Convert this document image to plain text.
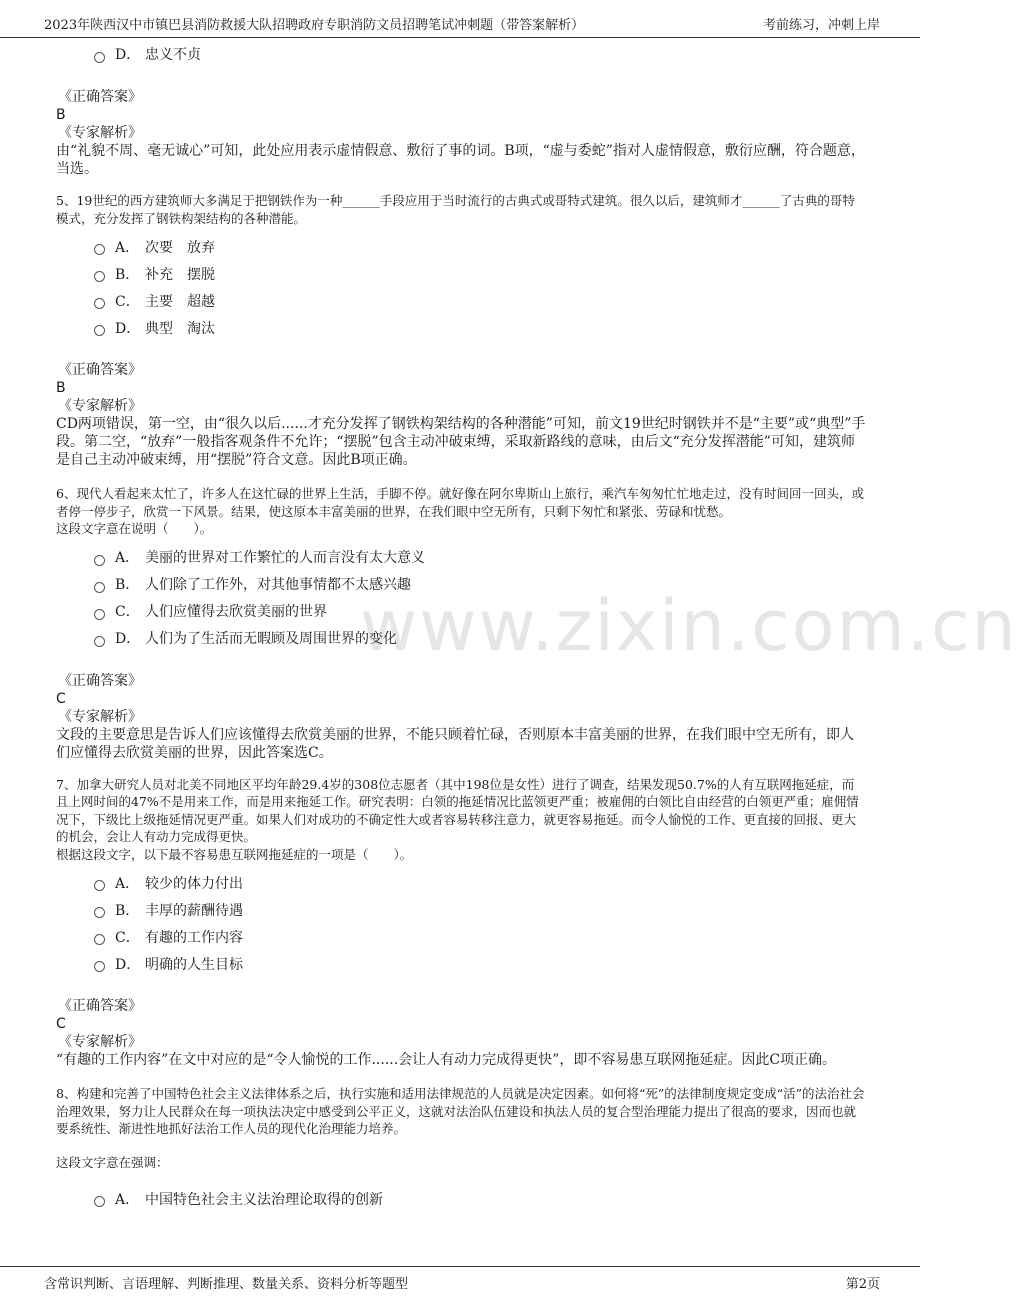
2023年陕西汉中市镇巴县消防救援大队招聘政府专职消防文员招聘笔试冲刺题（带答案解析）	考前练习，冲刺上岸
www.zixin.com.cn
D． 忠义不贞
《正确答案》
B
《专家解析》
由“礼貌不周、毫无诚心”可知，此处应用表示虚情假意、敷衍了事的词。B项，“虚与委蛇”指对人虚情假意，敷衍应酬，符合题意，当选。
5、19世纪的西方建筑师大多满足于把钢铁作为一种______手段应用于当时流行的古典式或哥特式建筑。很久以后，建筑师才______了古典的哥特模式，充分发挥了钢铁构架结构的各种潜能。
A． 次要　放弃
B． 补充　摆脱
C． 主要　超越
D． 典型　淘汰
《正确答案》
B
《专家解析》
CD两项错误，第一空，由“很久以后......才充分发挥了钢铁构架结构的各种潜能”可知，前文19世纪时钢铁并不是“主要”或“典型”手段。第二空，“放弃”一般指客观条件不允许；“摆脱”包含主动冲破束缚，采取新路线的意味，由后文“充分发挥潜能”可知，建筑师是自己主动冲破束缚，用“摆脱”符合文意。因此B项正确。
6、现代人看起来太忙了，许多人在这忙碌的世界上生活，手脚不停。就好像在阿尔卑斯山上旅行，乘汽车匆匆忙忙地走过，没有时间回一回头，或者停一停步子，欣赏一下风景。结果，使这原本丰富美丽的世界，在我们眼中空无所有，只剩下匆忙和紧张、劳碌和忧愁。
这段文字意在说明（　　）。
A． 美丽的世界对工作繁忙的人而言没有太大意义
B． 人们除了工作外，对其他事情都不太感兴趣
C． 人们应懂得去欣赏美丽的世界
D． 人们为了生活而无暇顾及周围世界的变化
《正确答案》
C
《专家解析》
文段的主要意思是告诉人们应该懂得去欣赏美丽的世界，不能只顾着忙碌，否则原本丰富美丽的世界，在我们眼中空无所有，即人们应懂得去欣赏美丽的世界，因此答案选C。
7、加拿大研究人员对北美不同地区平均年龄29.4岁的308位志愿者（其中198位是女性）进行了调查，结果发现50.7%的人有互联网拖延症，而且上网时间的47%不是用来工作，而是用来拖延工作。研究表明：白领的拖延情况比蓝领更严重；被雇佣的白领比自由经营的白领更严重；雇佣情况下，下级比上级拖延情况更严重。如果人们对成功的不确定性大或者容易转移注意力，就更容易拖延。而令人愉悦的工作、更直接的回报、更大的机会，会让人有动力完成得更快。
根据这段文字，以下最不容易患互联网拖延症的一项是（　　）。
A． 较少的体力付出
B． 丰厚的薪酬待遇
C． 有趣的工作内容
D． 明确的人生目标
《正确答案》
C
《专家解析》
“有趣的工作内容”在文中对应的是“令人愉悦的工作......会让人有动力完成得更快”，即不容易患互联网拖延症。因此C项正确。
8、构建和完善了中国特色社会主义法律体系之后，执行实施和适用法律规范的人员就是决定因素。如何将“死”的法律制度规定变成“活”的法治社会治理效果，努力让人民群众在每一项执法决定中感受到公平正义，这就对法治队伍建设和执法人员的复合型治理能力提出了很高的要求，因而也就要系统性、渐进性地抓好法治工作人员的现代化治理能力培养。
这段文字意在强调：
A． 中国特色社会主义法治理论取得的创新
含常识判断、言语理解、判断推理、数量关系、资料分析等题型	第2页
